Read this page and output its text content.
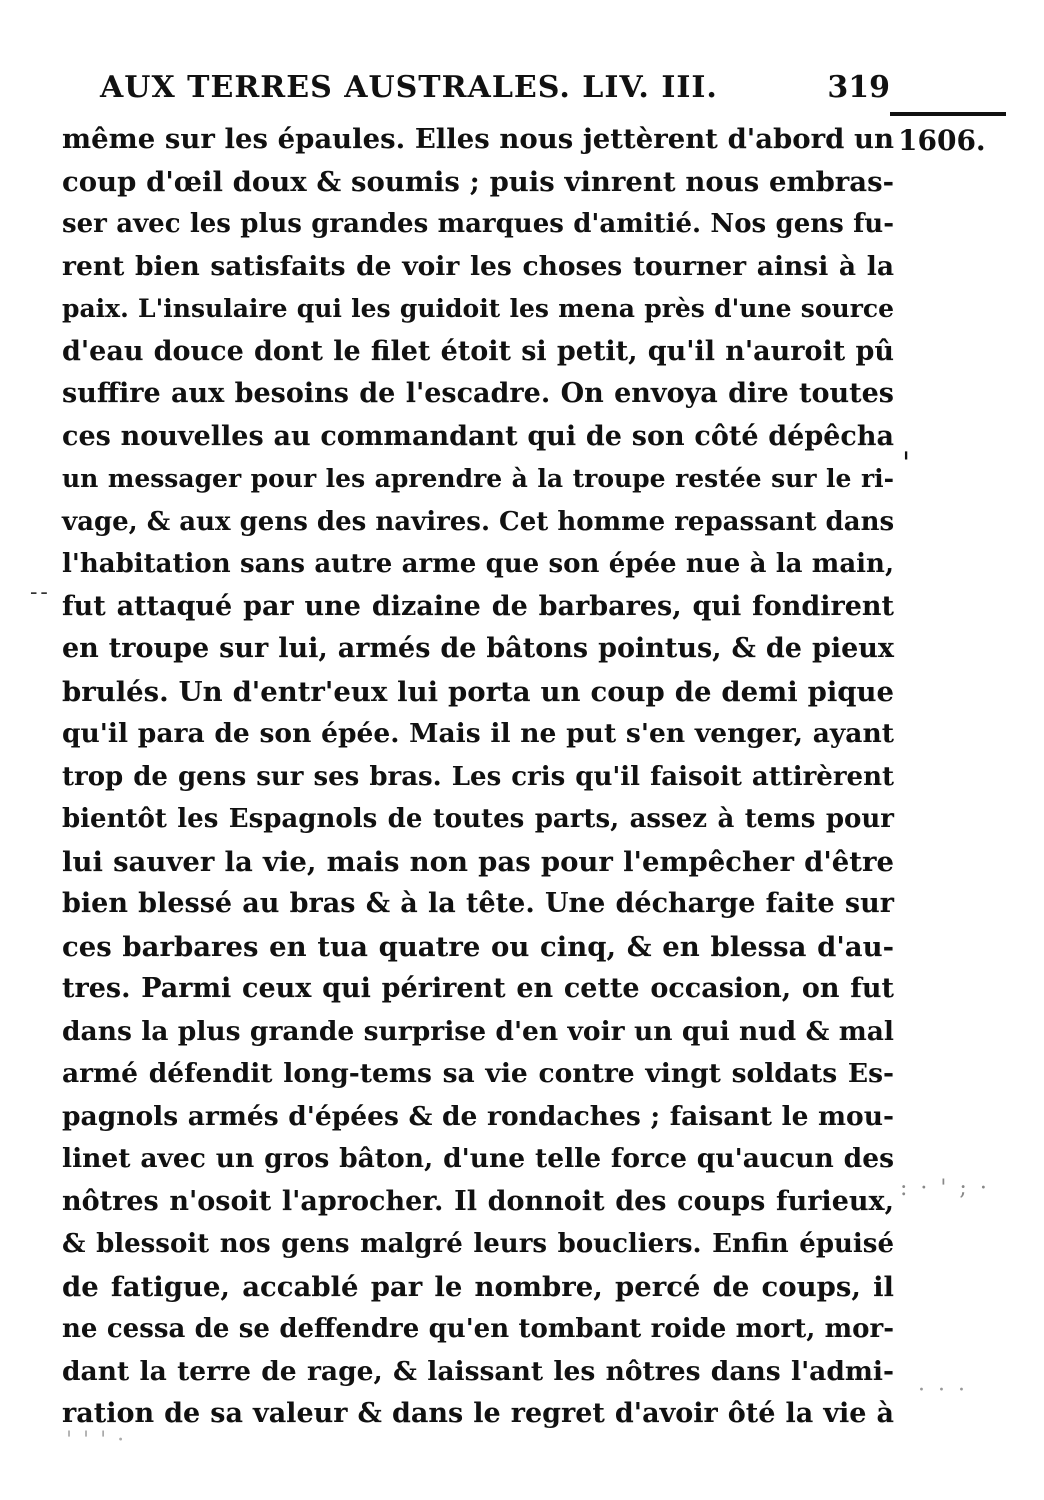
AUX TERRES AUSTRALES. LIV. III.	319
1606.
même sur les épaules. Elles nous jettèrent d'abord un
coup d'œil doux & soumis ; puis vinrent nous embras-
ser avec les plus grandes marques d'amitié. Nos gens fu-
rent bien satisfaits de voir les choses tourner ainsi à la
paix. L'insulaire qui les guidoit les mena près d'une source
d'eau douce dont le filet étoit si petit, qu'il n'auroit pû
suffire aux besoins de l'escadre. On envoya dire toutes
ces nouvelles au commandant qui de son côté dépêcha
un messager pour les aprendre à la troupe restée sur le ri-
vage, & aux gens des navires. Cet homme repassant dans
l'habitation sans autre arme que son épée nue à la main,
fut attaqué par une dizaine de barbares, qui fondirent
en troupe sur lui, armés de bâtons pointus, & de pieux
brulés. Un d'entr'eux lui porta un coup de demi pique
qu'il para de son épée. Mais il ne put s'en venger, ayant
trop de gens sur ses bras. Les cris qu'il faisoit attirèrent
bientôt les Espagnols de toutes parts, assez à tems pour
lui sauver la vie, mais non pas pour l'empêcher d'être
bien blessé au bras & à la tête. Une décharge faite sur
ces barbares en tua quatre ou cinq, & en blessa d'au-
tres. Parmi ceux qui périrent en cette occasion, on fut
dans la plus grande surprise d'en voir un qui nud & mal
armé défendit long-tems sa vie contre vingt soldats Es-
pagnols armés d'épées & de rondaches ; faisant le mou-
linet avec un gros bâton, d'une telle force qu'aucun des
nôtres n'osoit l'aprocher. Il donnoit des coups furieux,
& blessoit nos gens malgré leurs boucliers. Enfin épuisé
de fatigue, accablé par le nombre, percé de coups, il
ne cessa de se deffendre qu'en tombant roide mort, mor-
dant la terre de rage, & laissant les nôtres dans l'admi-
ration de sa valeur & dans le regret d'avoir ôté la vie à
'
- -
: · ' ; ·
· · ·
' ' ' ·
